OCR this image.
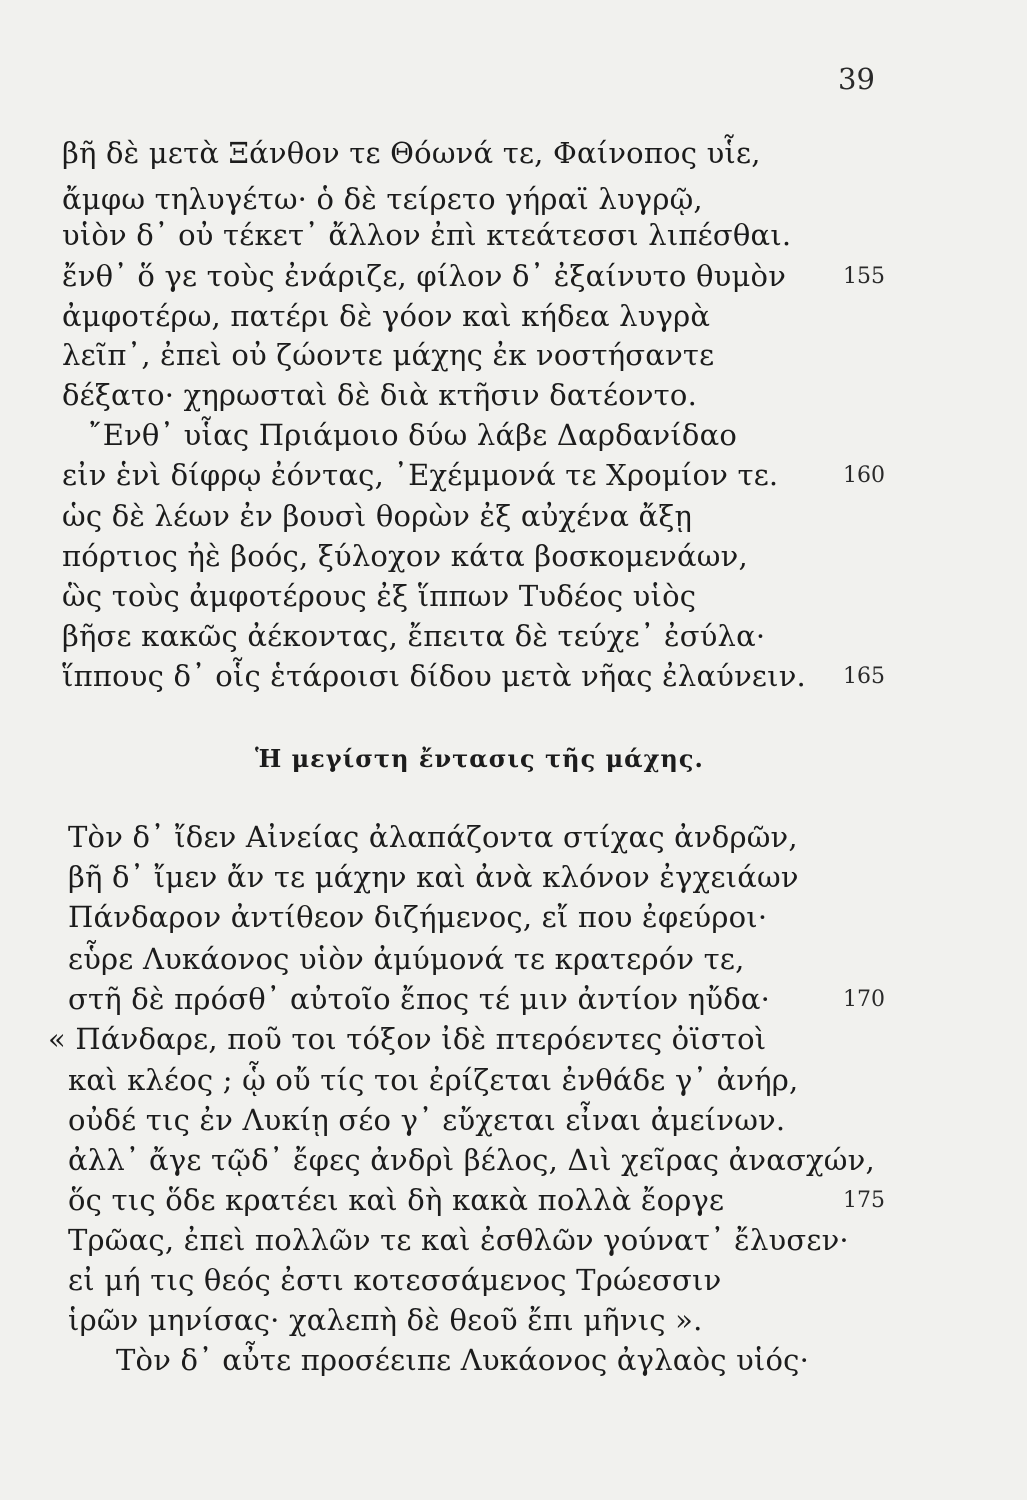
39
βῆ δὲ μετὰ Ξάνθον τε Θόωνά τε, Φαίνοπος υἷε,
ἄμφω τηλυγέτω· ὁ δὲ τείρετο γήραϊ λυγρῷ,
υἱὸν δ᾿ οὐ τέκετ᾿ ἄλλον ἐπὶ κτεάτεσσι λιπέσθαι.
ἔνθ᾿ ὅ γε τοὺς ἐνάριζε, φίλον δ᾿ ἐξαίνυτο θυμὸν	155
ἀμφοτέρω, πατέρι δὲ γόον καὶ κήδεα λυγρὰ
λεῖπ᾿, ἐπεὶ οὐ ζώοντε μάχης ἐκ νοστήσαντε
δέξατο· χηρωσταὶ δὲ διὰ κτῆσιν δατέοντο.
῎Ενθ᾿ υἷας Πριάμοιο δύω λάβε Δαρδανίδαο
εἰν ἑνὶ δίφρῳ ἐόντας, ᾿Εχέμμονά τε Χρομίον τε.	160
ὡς δὲ λέων ἐν βουσὶ θορὼν ἐξ αὐχένα ἄξῃ
πόρτιος ἠὲ βοός, ξύλοχον κάτα βοσκομενάων,
ὣς τοὺς ἀμφοτέρους ἐξ ἵππων Τυδέος υἱὸς
βῆσε κακῶς ἀέκοντας, ἔπειτα δὲ τεύχε᾿ ἐσύλα·
ἵππους δ᾿ οἷς ἑτάροισι δίδου μετὰ νῆας ἐλαύνειν. 165
Ἡ μεγίστη ἔντασις τῆς μάχης.
Τὸν δ᾿ ἴδεν Αἰνείας ἀλαπάζοντα στίχας ἀνδρῶν,
βῆ δ᾿ ἴμεν ἄν τε μάχην καὶ ἀνὰ κλόνον ἐγχειάων
Πάνδαρον ἀντίθεον διζήμενος, εἴ που ἐφεύροι·
εὗρε Λυκάονος υἱὸν ἀμύμονά τε κρατερόν τε,
στῆ δὲ πρόσθ᾿ αὐτοῖο ἔπος τέ μιν ἀντίον ηὔδα·	170
« Πάνδαρε, ποῦ τοι τόξον ἰδὲ πτερόεντες ὀϊστοὶ
καὶ κλέος ; ᾧ οὔ τίς τοι ἐρίζεται ἐνθάδε γ᾿ ἀνήρ,
οὐδέ τις ἐν Λυκίῃ σέο γ᾿ εὔχεται εἶναι ἀμείνων.
ἀλλ᾿ ἄγε τῷδ᾿ ἔφες ἀνδρὶ βέλος, Διὶ χεῖρας ἀνασχών,
ὅς τις ὅδε κρατέει καὶ δὴ κακὰ πολλὰ ἔοργε	175
Τρῶας, ἐπεὶ πολλῶν τε καὶ ἐσθλῶν γούνατ᾿ ἔλυσεν·
εἰ μή τις θεός ἐστι κοτεσσάμενος Τρώεσσιν
ἱρῶν μηνίσας· χαλεπὴ δὲ θεοῦ ἔπι μῆνις ».
Τὸν δ᾿ αὖτε προσέειπε Λυκάονος ἀγλαὸς υἱός·
